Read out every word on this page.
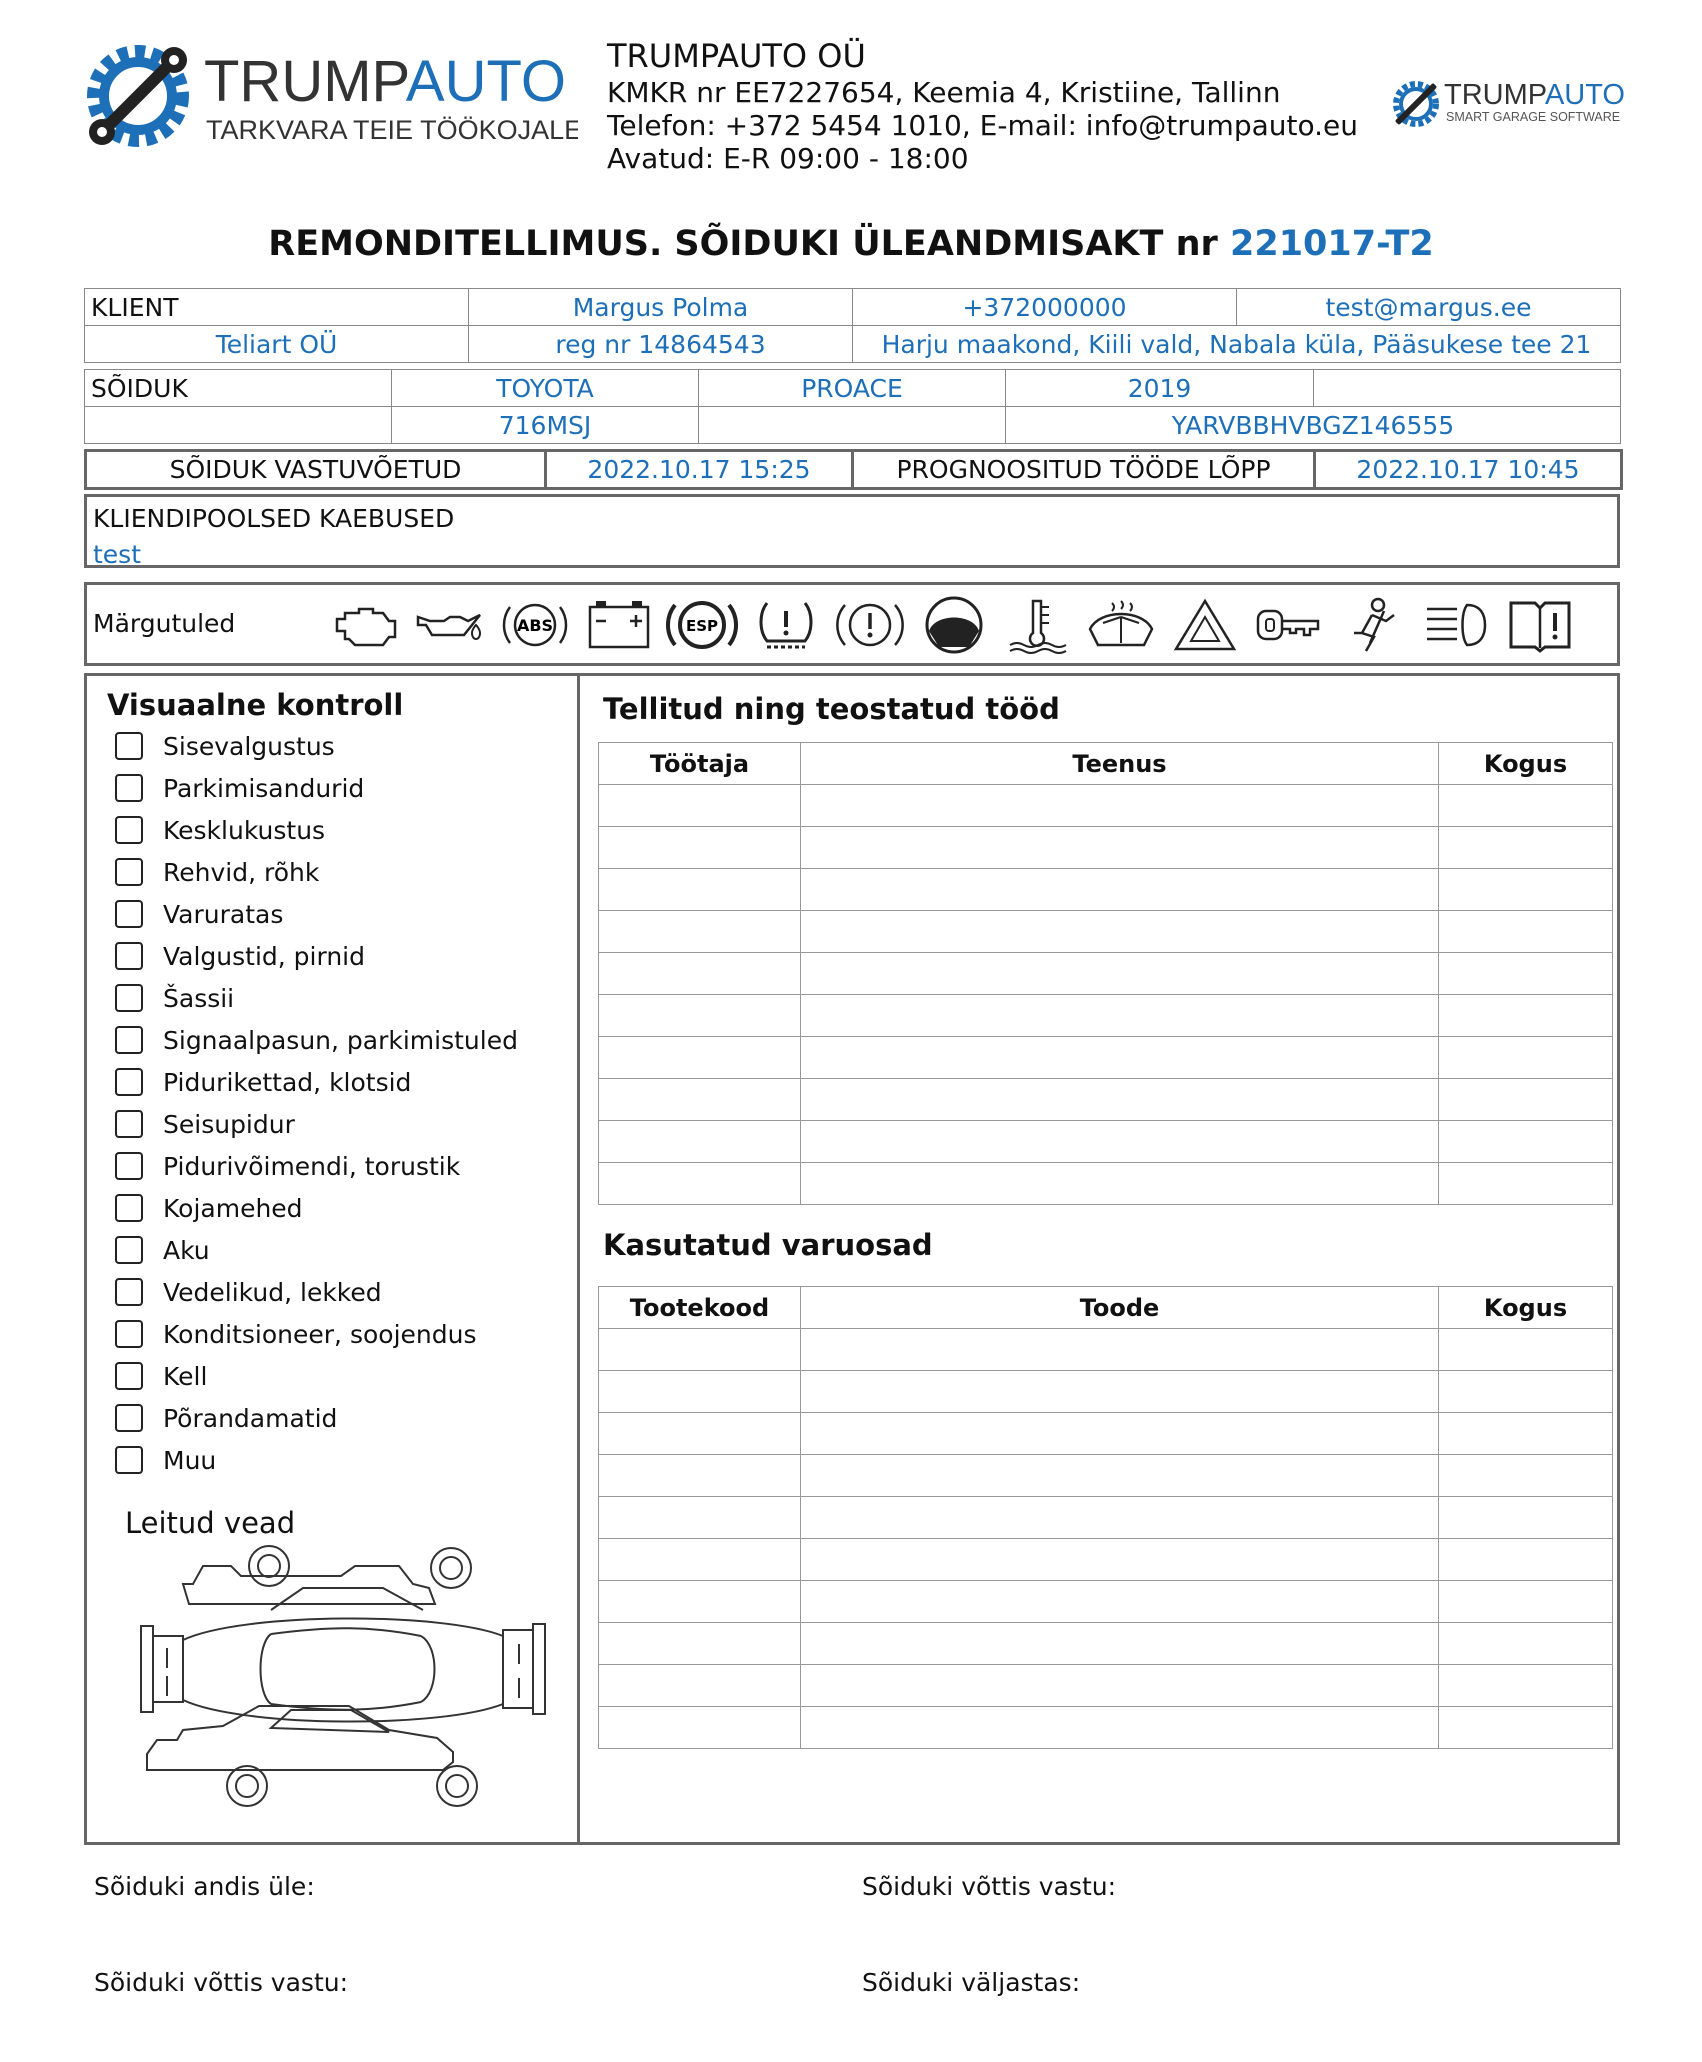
TRUMPAUTO
TARKVARA TEIE TÖÖKOJALE
TRUMPAUTO OÜ
KMKR nr EE7227654, Keemia 4, Kristiine, Tallinn
Telefon: +372 5454 1010, E-mail: info@trumpauto.eu
Avatud: E-R 09:00 - 18:00
TRUMPAUTO
SMART GARAGE SOFTWARE
REMONDITELLIMUS. SÕIDUKI ÜLEANDMISAKT nr 221017-T2
KLIENT	Margus Polma	+372000000	test@margus.ee
Teliart OÜ	reg nr 14864543	Harju maakond, Kiili vald, Nabala küla, Pääsukese tee 21	
SÕIDUK	TOYOTA	PROACE	2019	
	716MSJ		YARVBBHVBGZ146555	
SÕIDUK VASTUVÕETUD	2022.10.17 15:25	PROGNOOSITUD TÖÖDE LÕPP	2022.10.17 10:45
KLIENDIPOOLSED KAEBUSED
test
Märgutuled	ABS	ESP
Visuaalne kontroll
Sisevalgustus
Parkimisandurid
Kesklukustus
Rehvid, rõhk
Varuratas
Valgustid, pirnid
Šassii
Signaalpasun, parkimistuled
Pidurikettad, klotsid
Seisupidur
Pidurivõimendi, torustik
Kojamehed
Aku
Vedelikud, lekked
Konditsioneer, soojendus
Kell
Põrandamatid
Muu
Leitud vead
Tellitud ning teostatud tööd
Töötaja	Teenus	Kogus

Kasutatud varuosad
Tootekood	Toode	Kogus

Sõiduki andis üle:	Sõiduki võttis vastu:
Sõiduki võttis vastu:	Sõiduki väljastas:
